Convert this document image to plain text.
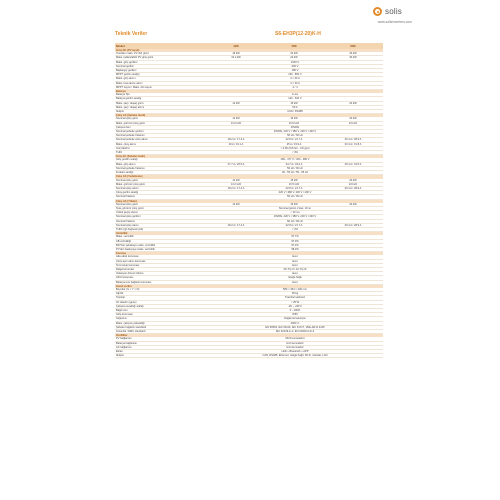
solis
www.solisinverters.com
Teknik Veriler	S6-EH3P(12-20)K-H
Model	12K	15K	20K
Giriş DC (PV tarafı)			
Önerilen maks. PV dizi gücü	19 kW	24 kW	30 kW
Maks. kullanılabilir PV giriş gücü	19.2 kW	24 kW	30 kW
Maks. giriş gerilimi	1000 V		
Nominal gerilim	600 V		
Başlangıç gerilimi	180 V		
MPPT gerilim aralığı	160 - 850 V		
Maks. giriş akımı	4 × 20 A		
Maks. kısa devre akımı	4 × 30 A		
MPPT sayısı / Maks. dizi sayısı	4 / 4		
Batarya			
Batarya Tipi	Li-ion		
Batarya gerilim aralığı	120 - 600 V		
Maks. şarj / deşarj gücü	12 kW	15 kW	20 kW
Maks. şarj / deşarj akımı	50 A		
İletişim	CAN / RS485		
Çıkış AC (Şebeke tarafı)			
Nominal çıkış gücü	12 kW	15 kW	20 kW
Maks. görünür çıkış gücü	13.2 kVA	16.5 kVA	22 kVA
Çalışma fazı	3/N/PE		
Nominal şebeke gerilimi	3/N/PE, 220 V / 380 V, 230 V / 400 V		
Nominal şebeke frekansı	50 Hz / 60 Hz		
Nominal şebeke çıkış akımı	18.2 A / 17.4 A	22.8 A / 21.7 A	30.4 A / 28.9 A
Maks. çıkış akımı	20 A / 19.1 A	25 A / 23.9 A	33.4 A / 31.8 A
Güç faktörü	> 0.99 (0.8 ileri - 0.8 geri)		
THDi	< 3%		
Giriş AC (Şebeke tarafı)			
Giriş gerilim aralığı	184 - 477 V / 320 - 480 V		
Maks. giriş akımı	27.7 A / 26.5 A	34.7 A / 33.2 A	45.4 A / 43.5 A
Nominal şebeke frekansı	50 Hz / 60 Hz		
Frekans aralığı	45 - 55 Hz / 55 - 65 Hz		
Çıkış AC (Yedekleme)			
Nominal çıkış gücü	12 kW	15 kW	20 kW
Maks. görünür çıkış gücü	13.2 kVA	16.5 kVA	22 kVA
Nominal çıkış akımı	18.2 A / 17.4 A	22.8 A / 21.7 A	30.4 A / 28.9 A
Çıkış gerilim aralığı	220 V / 380 V, 230 V / 400 V		
Nominal frekans	50 Hz / 60 Hz		
Çıkış AC (Yükler)			
Nominal çıkış gücü	12 kW	15 kW	20 kW
Tepe görünür çıkış gücü	Nominal gücün 2 katı, 10 sn		
Yedek geçiş süresi	< 10 ms		
Nominal çıkış gerilimi	3/N/PE, 220 V / 380 V, 230 V / 400 V		
Nominal frekans	50 Hz / 60 Hz		
Nominal çıkış akımı	18.2 A / 17.4 A	22.8 A / 21.7 A	30.4 A / 28.9 A
THDv (@ doğrusal yük)	< 2%		
Verimlilik			
Maks. verimlilik	97.7%		
AB verimliliği	97.0%		
BAT'tan şebekeye maks. verimlilik	97.2%		
PV'den bataryaya maks. verimlilik	98.0%		
Koruma			
Ada etkisi koruması	Evet		
Çıkış aşırı akım koruması	Evet		
Ters kutup koruması	Evet		
Dalga koruması	DC Tip II / AC Tip III		
İzolasyon direnci izleme	Evet		
AFCI koruması	İsteğe bağlı		
Batarya ters bağlantı koruması	Evet		
Genel veriler			
Boyutlar (G × Y × D)	580 × 364 × 230 mm		
Ağırlık	35 kg		
Topoloji	Transformatörsüz		
Öz tüketim (gece)	< 25 W		
Çalışma sıcaklığı aralığı	-25 ~ +60°C		
Bağıl nem	0 - 100%		
Giriş koruması	IP66		
Soğutma	Doğal konveksiyon		
Maks. çalışma yüksekliği	4000 m		
Şebeke bağlantı standardı	EN 50549, IEC 62116, IEC 61727, VDE-AR-N 4105		
Güvenlik / EMC standardı	IEC 62109-1/-2, EN 61000-6-2/-3		
Özellikler			
PV bağlantısı	MC4 konnektörü		
Batarya bağlantısı	Hızlı konnektör		
AC bağlantısı	Hızlı konnektör		
Ekran	LED + Bluetooth + APP		
İletişim	CAN, RS485, Ethernet, İsteğe bağlı: Wi-Fi, Cellular, LAN		
